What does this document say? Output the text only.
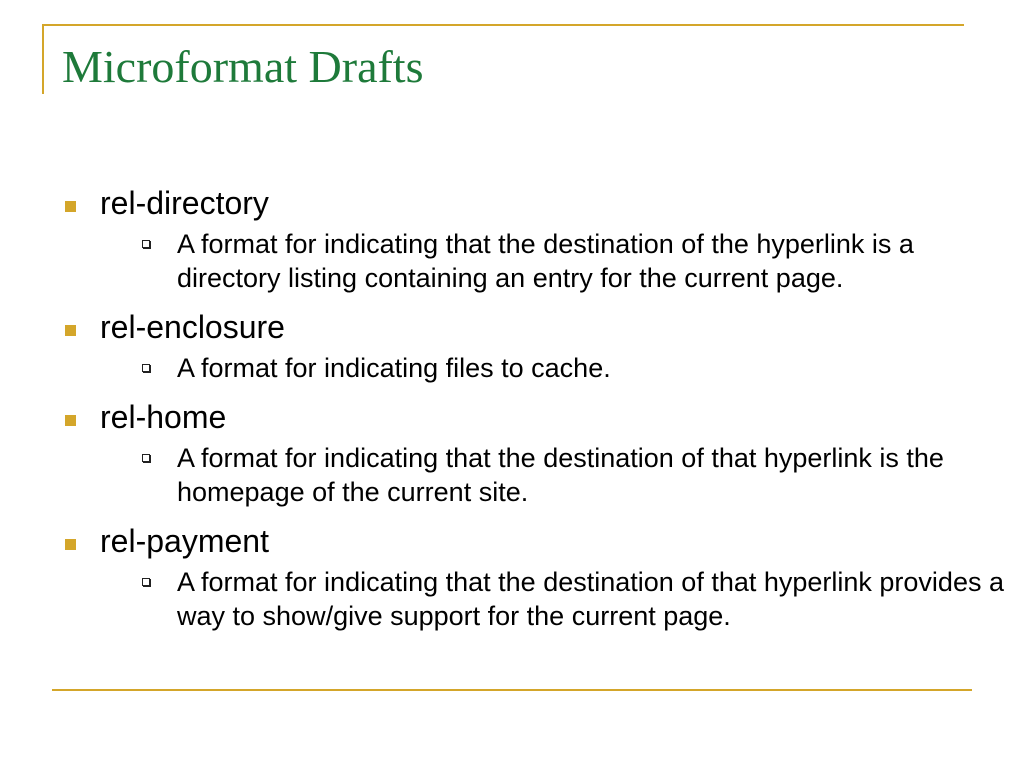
Microformat Drafts
rel-directory
A format for indicating that the destination of the hyperlink is a directory listing containing an entry for the current page.
rel-enclosure
A format for indicating files to cache.
rel-home
A format for indicating that the destination of that hyperlink is the homepage of the current site.
rel-payment
A format for indicating that the destination of that hyperlink provides a way to show/give support for the current page.
